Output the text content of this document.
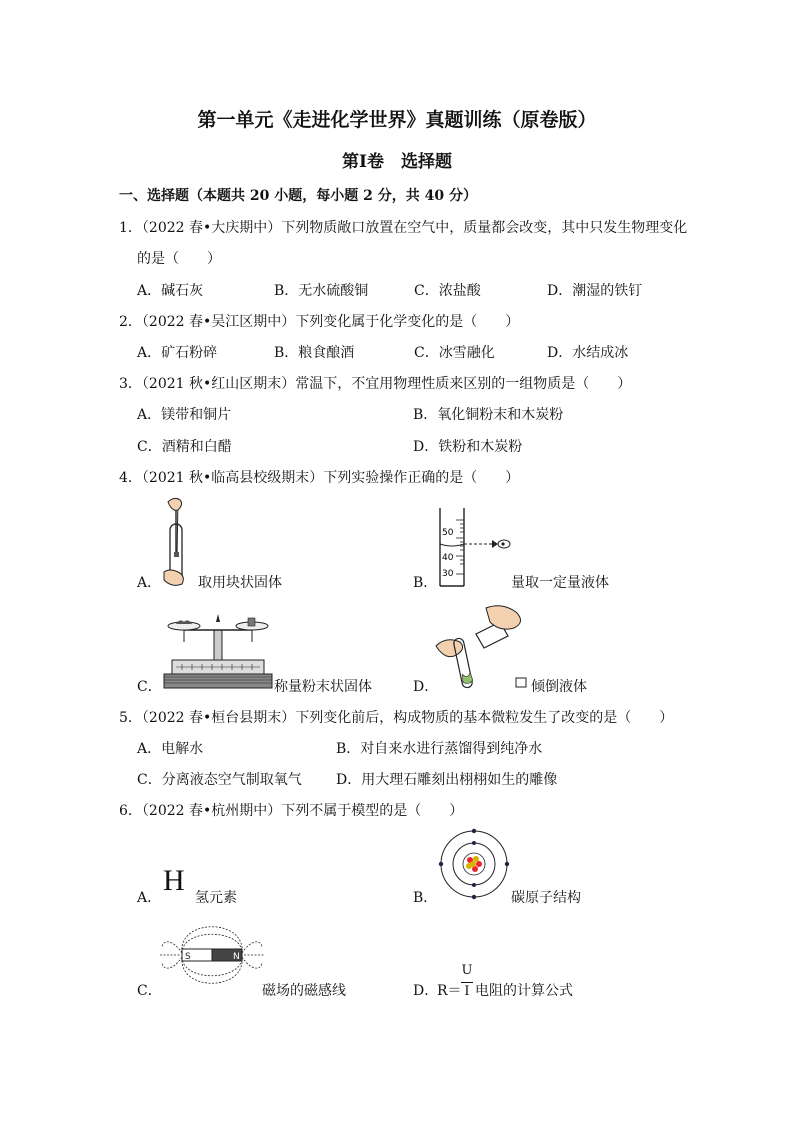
第一单元《走进化学世界》真题训练（原卷版）
第Ⅰ卷　选择题
一、选择题（本题共 20 小题，每小题 2 分，共 40 分）
1．（2022 春•大庆期中）下列物质敞口放置在空气中，质量都会改变，其中只发生物理变化
的是（　　）
A．碱石灰	B．无水硫酸铜	C．浓盐酸	D．潮湿的铁钉
2．（2022 春•吴江区期中）下列变化属于化学变化的是（　　）
A．矿石粉碎	B．粮食酿酒	C．冰雪融化	D．水结成冰
3．（2021 秋•红山区期末）常温下，不宜用物理性质来区别的一组物质是（　　）
A．镁带和铜片	B．氧化铜粉末和木炭粉
C．酒精和白醋	D．铁粉和木炭粉
4．（2021 秋•临高县校级期末）下列实验操作正确的是（　　）
A．	取用块状固体	B．
50
40
30
量取一定量液体
C．	称量粉末状固体	D．	倾倒液体
5．（2022 春•桓台县期末）下列变化前后，构成物质的基本微粒发生了改变的是（　　）
A．电解水	B．对自来水进行蒸馏得到纯净水
C．分离液态空气制取氧气 D．用大理石雕刻出栩栩如生的雕像
6．（2022 春•杭州期中）下列不属于模型的是（　　）
A．
H
氢元素	B．	碳原子结构
C．
S	N
磁场的磁感线	D．
R＝
U
I 电阻的计算公式
